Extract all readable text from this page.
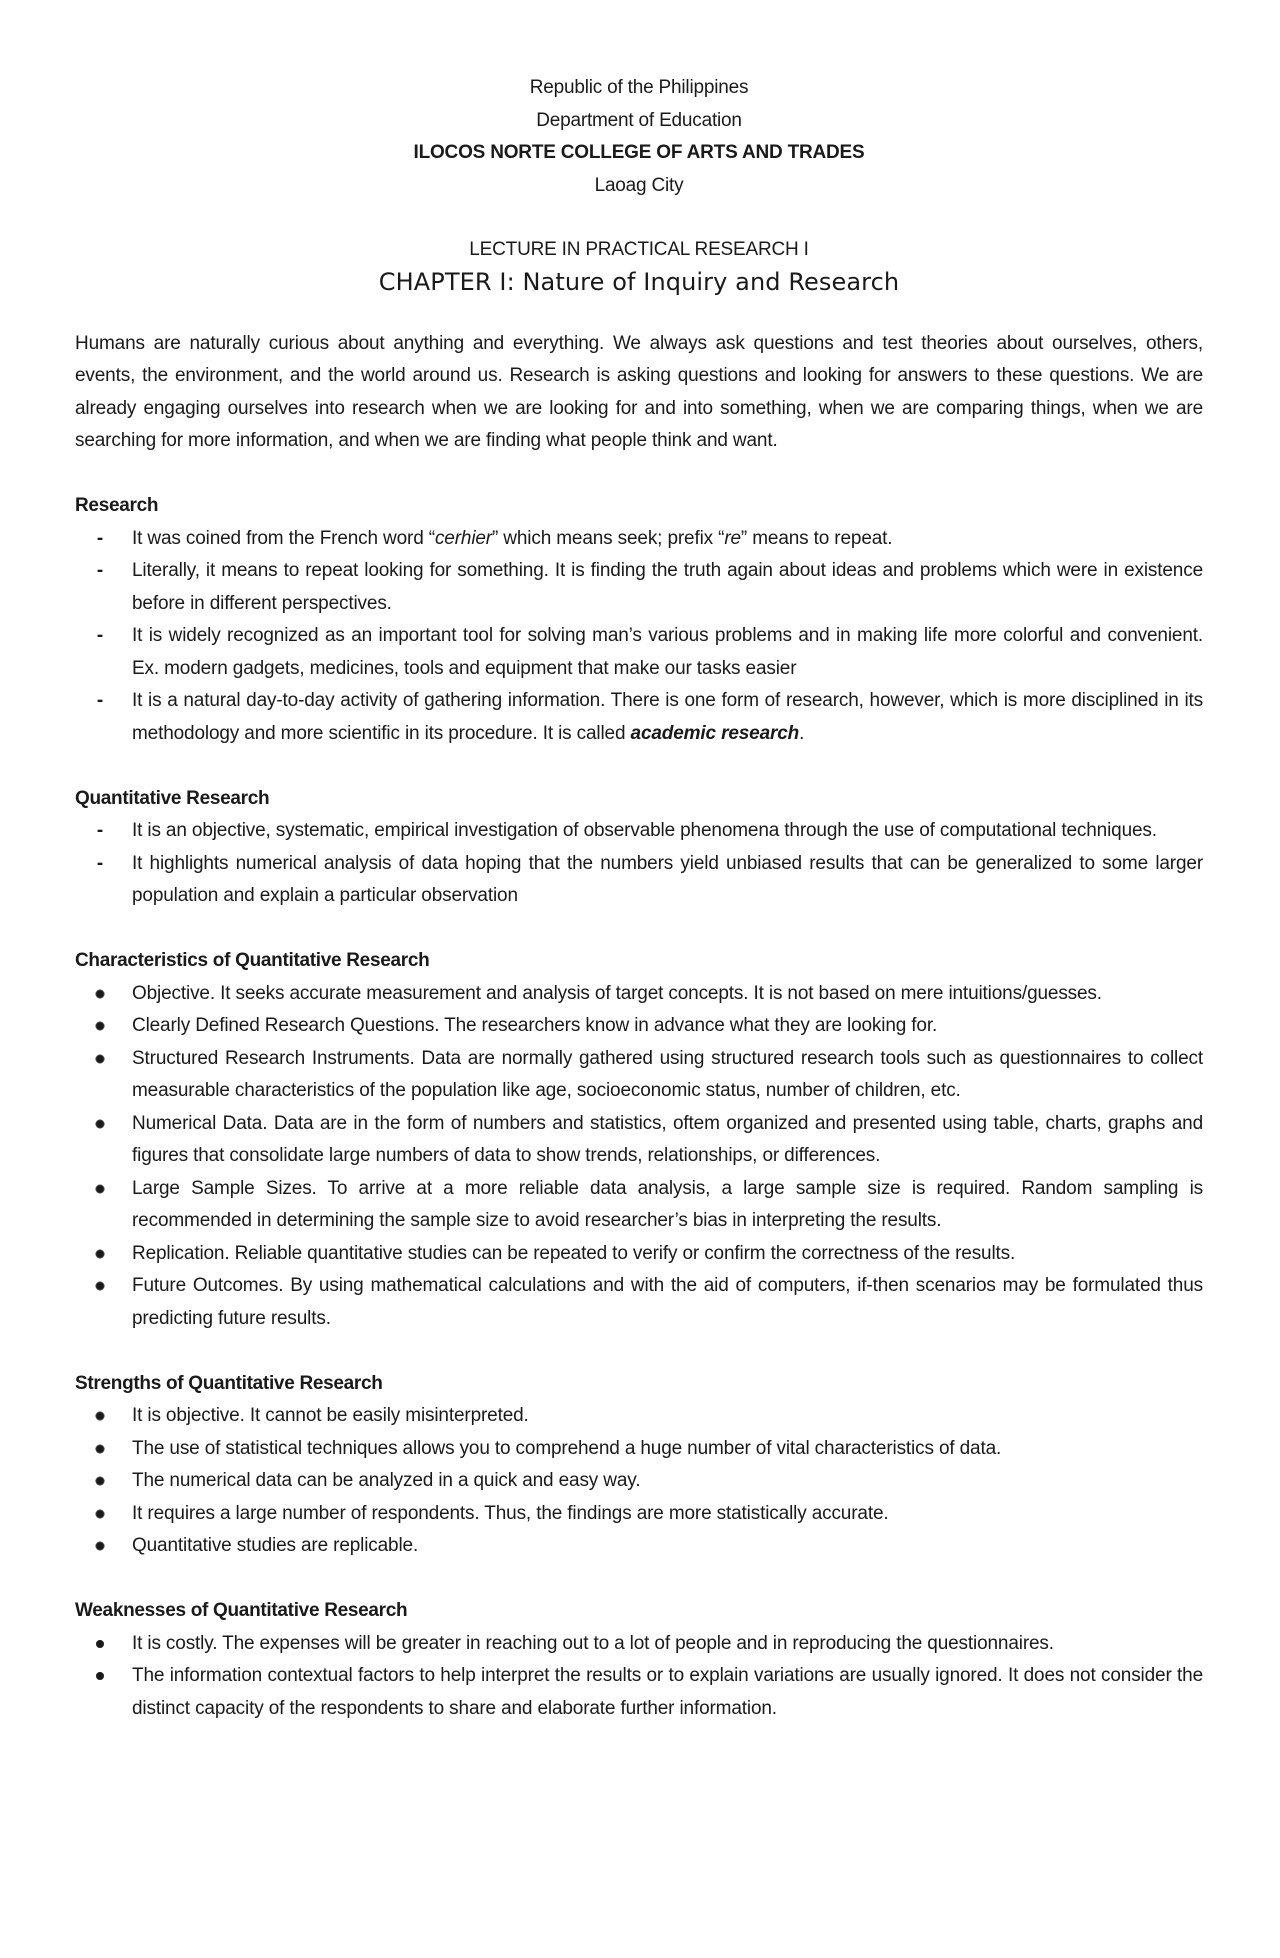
Republic of the Philippines
Department of Education
ILOCOS NORTE COLLEGE OF ARTS AND TRADES
Laoag City
LECTURE IN PRACTICAL RESEARCH I
CHAPTER I: Nature of Inquiry and Research

Humans are naturally curious about anything and everything. We always ask questions and test theories about ourselves, others, events, the environment, and the world around us. Research is asking questions and looking for answers to these questions. We are already engaging ourselves into research when we are looking for and into something, when we are comparing things, when we are searching for more information, and when we are finding what people think and want.

Research
-
It was coined from the French word “cerhier” which means seek; prefix “re” means to repeat.
-
Literally, it means to repeat looking for something. It is finding the truth again about ideas and problems which were in existence before in different perspectives.
-
It is widely recognized as an important tool for solving man’s various problems and in making life more colorful and convenient. Ex. modern gadgets, medicines, tools and equipment that make our tasks easier
-
It is a natural day-to-day activity of gathering information. There is one form of research, however, which is more disciplined in its methodology and more scientific in its procedure. It is called academic research.
Quantitative Research
-
It is an objective, systematic, empirical investigation of observable phenomena through the use of computational techniques.
-
It highlights numerical analysis of data hoping that the numbers yield unbiased results that can be generalized to some larger population and explain a particular observation
Characteristics of Quantitative Research
Objective. It seeks accurate measurement and analysis of target concepts. It is not based on mere intuitions/guesses.
Clearly Defined Research Questions. The researchers know in advance what they are looking for.
Structured Research Instruments. Data are normally gathered using structured research tools such as questionnaires to collect measurable characteristics of the population like age, socioeconomic status, number of children, etc.
Numerical Data. Data are in the form of numbers and statistics, oftem organized and presented using table, charts, graphs and figures that consolidate large numbers of data to show trends, relationships, or differences.
Large Sample Sizes. To arrive at a more reliable data analysis, a large sample size is required. Random sampling is recommended in determining the sample size to avoid researcher’s bias in interpreting the results.
Replication. Reliable quantitative studies can be repeated to verify or confirm the correctness of the results.
Future Outcomes. By using mathematical calculations and with the aid of computers, if-then scenarios may be formulated thus predicting future results.
Strengths of Quantitative Research
It is objective. It cannot be easily misinterpreted.
The use of statistical techniques allows you to comprehend a huge number of vital characteristics of data.
The numerical data can be analyzed in a quick and easy way.
It requires a large number of respondents. Thus, the findings are more statistically accurate.
Quantitative studies are replicable.
Weaknesses of Quantitative Research
It is costly. The expenses will be greater in reaching out to a lot of people and in reproducing the questionnaires.
The information contextual factors to help interpret the results or to explain variations are usually ignored. It does not consider the distinct capacity of the respondents to share and elaborate further information.
